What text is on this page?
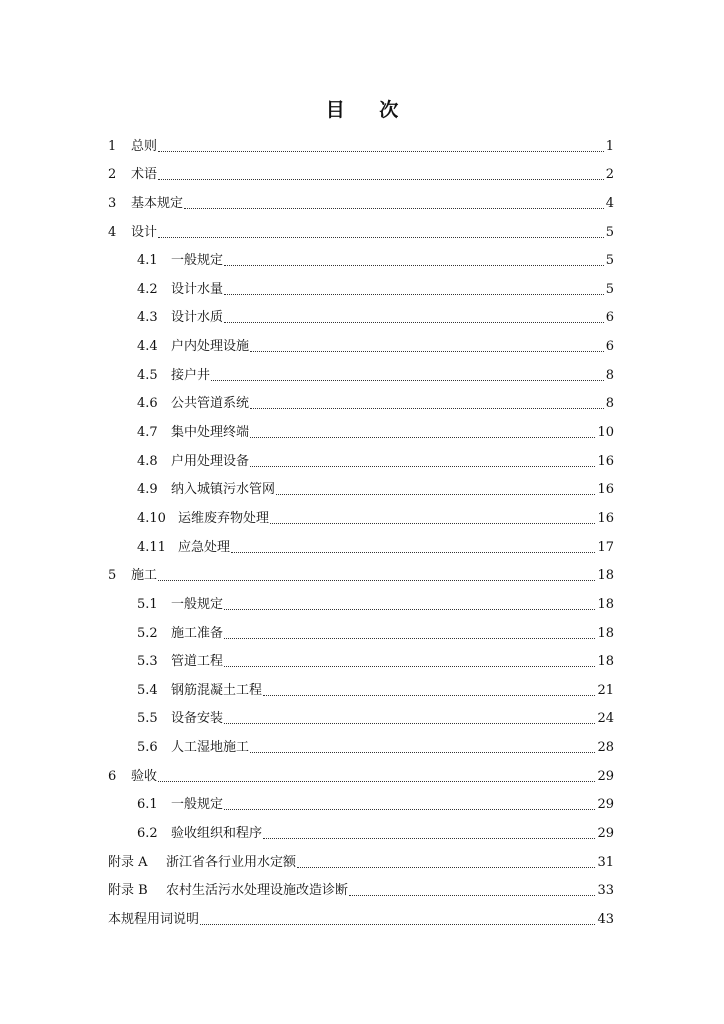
目 次
1	总则	1
2	术语	2
3	基本规定	4
4	设计	5
4.1	一般规定	5
4.2	设计水量	5
4.3	设计水质	6
4.4	户内处理设施	6
4.5	接户井	8
4.6	公共管道系统	8
4.7	集中处理终端	10
4.8	户用处理设备	16
4.9	纳入城镇污水管网	16
4.10 运维废弃物处理	16
4.11 应急处理	17
5	施工	18
5.1	一般规定	18
5.2	施工准备	18
5.3	管道工程	18
5.4	钢筋混凝土工程	21
5.5	设备安装	24
5.6	人工湿地施工	28
6	验收	29
6.1	一般规定	29
6.2	验收组织和程序	29
附录 A	浙江省各行业用水定额	31
附录 B	农村生活污水处理设施改造诊断	33
本规程用词说明	43
